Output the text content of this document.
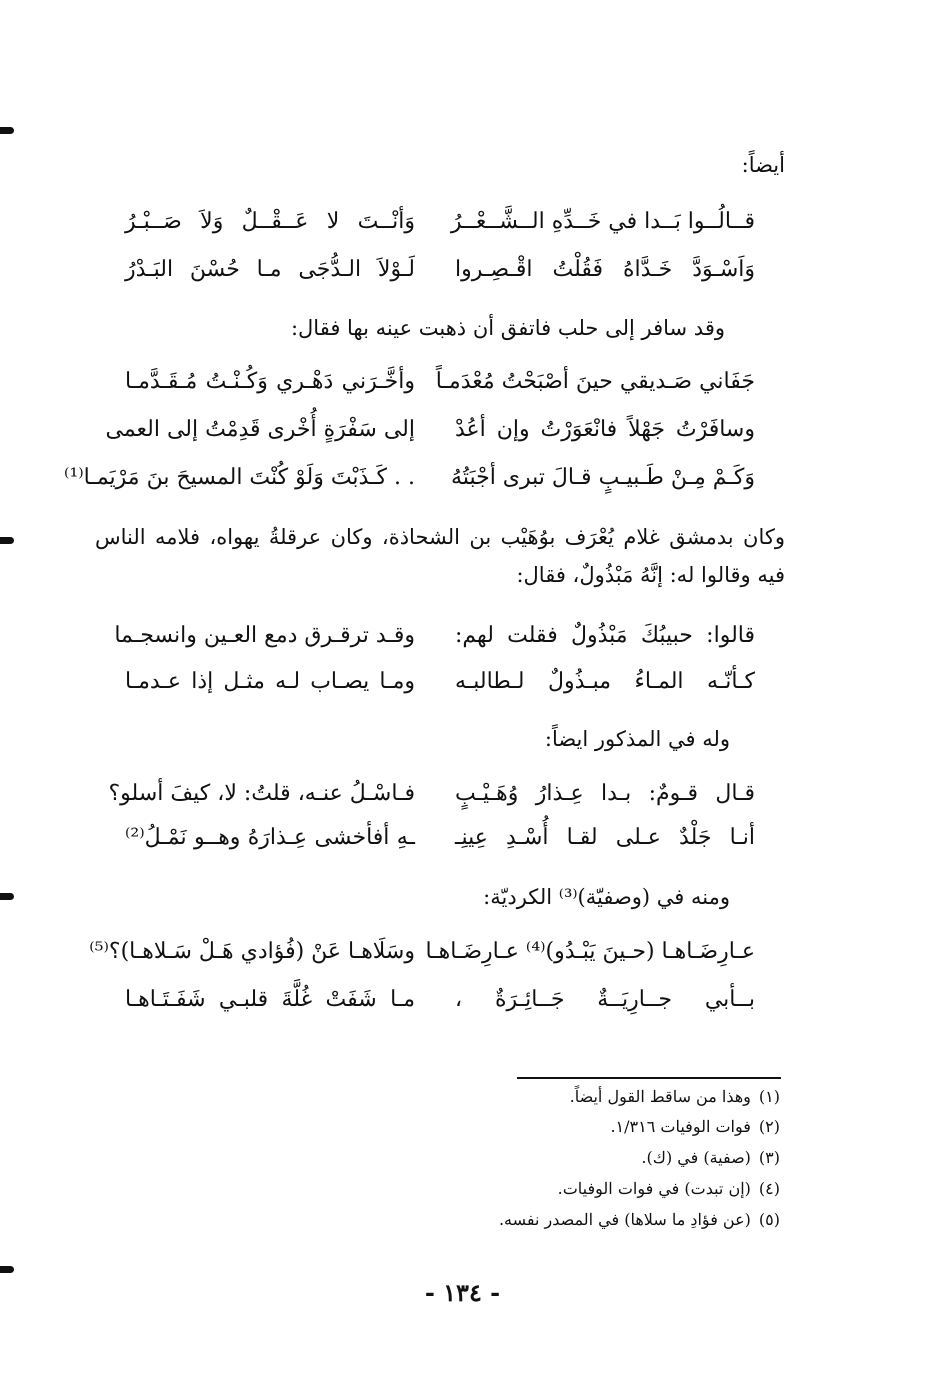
أيضاً:
قــالُــوا بَــدا في خَــدِّهِ الــشَّــعْــرُ
وَأنْــتَ لا عَــقْــلٌ وَلاَ صَــبْـرُ
وَاَسْـوَدَّ خَـدَّاهُ فَقُلْتُ اقْـصِـروا
لَـوْلاَ الـدُّجَى مـا حُسْنَ البَـدْرُ
وقد سافر إلى حلب فاتفق أن ذهبت عينه بها فقال:
جَفَاني صَـديقي حينَ أصْبَحْتُ مُعْدَمـاً
وأخَّـرَني دَهْـري وَكُـنْـتُ مُـقَـدَّمـا
وسافَرْتُ جَهْلاً فانْعَوَرْتُ وإن أعُدْ
إلى سَفْرَةٍ أُخْرى قَدِمْتُ إلى العمى
وَكَـمْ مِـنْ طَـبيـبٍ قـالَ تبرى أجْبَتُهُ
. . كَـذَبْتَ وَلَوْ كُنْتَ المسيحَ بنَ مَرْيَمـا⁽¹⁾
وكان بدمشق غلام يُعْرَف بوُهَيْب بن الشحاذة، وكان عرقلةُ يهواه، فلامه الناس فيه وقالوا له: إنَّهُ مَبْذُولٌ، فقال:
قالوا: حبيبُكَ مَبْذُولٌ فقلت لهم:
وقـد ترقـرق دمع العـين وانسجـما
كـأنّـه المـاءُ مبـذُولٌ لـطالبـه
ومـا يصـاب لـه مثـل إذا عـدمـا
وله في المذكور ايضاً:
قـال قـومٌ: بـدا عِـذارُ وُهَـيْـبٍ
فـاسْـلُ عنـه، قلتُ: لا، كيفَ أسلو؟
أنـا جَلْدٌ عـلى لقـا أُسْـدِ عِينِـ
ـهِ أفأخشى عِـذارَهُ وهــو نَمْـلُ⁽²⁾
ومنه في (وصفيّة)⁽³⁾ الكرديّة:
عـارِضَـاهـا (حـينَ يَبْـدُو)⁽⁴⁾ عـارِضَـاهـا
وسَلَاهـا عَنْ (فُؤادي هَـلْ سَـلاهـا)؟⁽⁵⁾
بــأبي جــارِيَــةٌ جَــائِـرَةٌ ،
مـا شَفَتْ غُلَّةَ قلبـي شَفَـتَـاهـا
(١)وهذا من ساقط القول أيضاً.
(٢)فوات الوفيات ١/٣١٦.
(٣)(صفية) في (ك).
(٤)(إن تبدت) في فوات الوفيات.
(٥)(عن فؤادِ ما سلاها) في المصدر نفسه.
- ١٣٤ -
